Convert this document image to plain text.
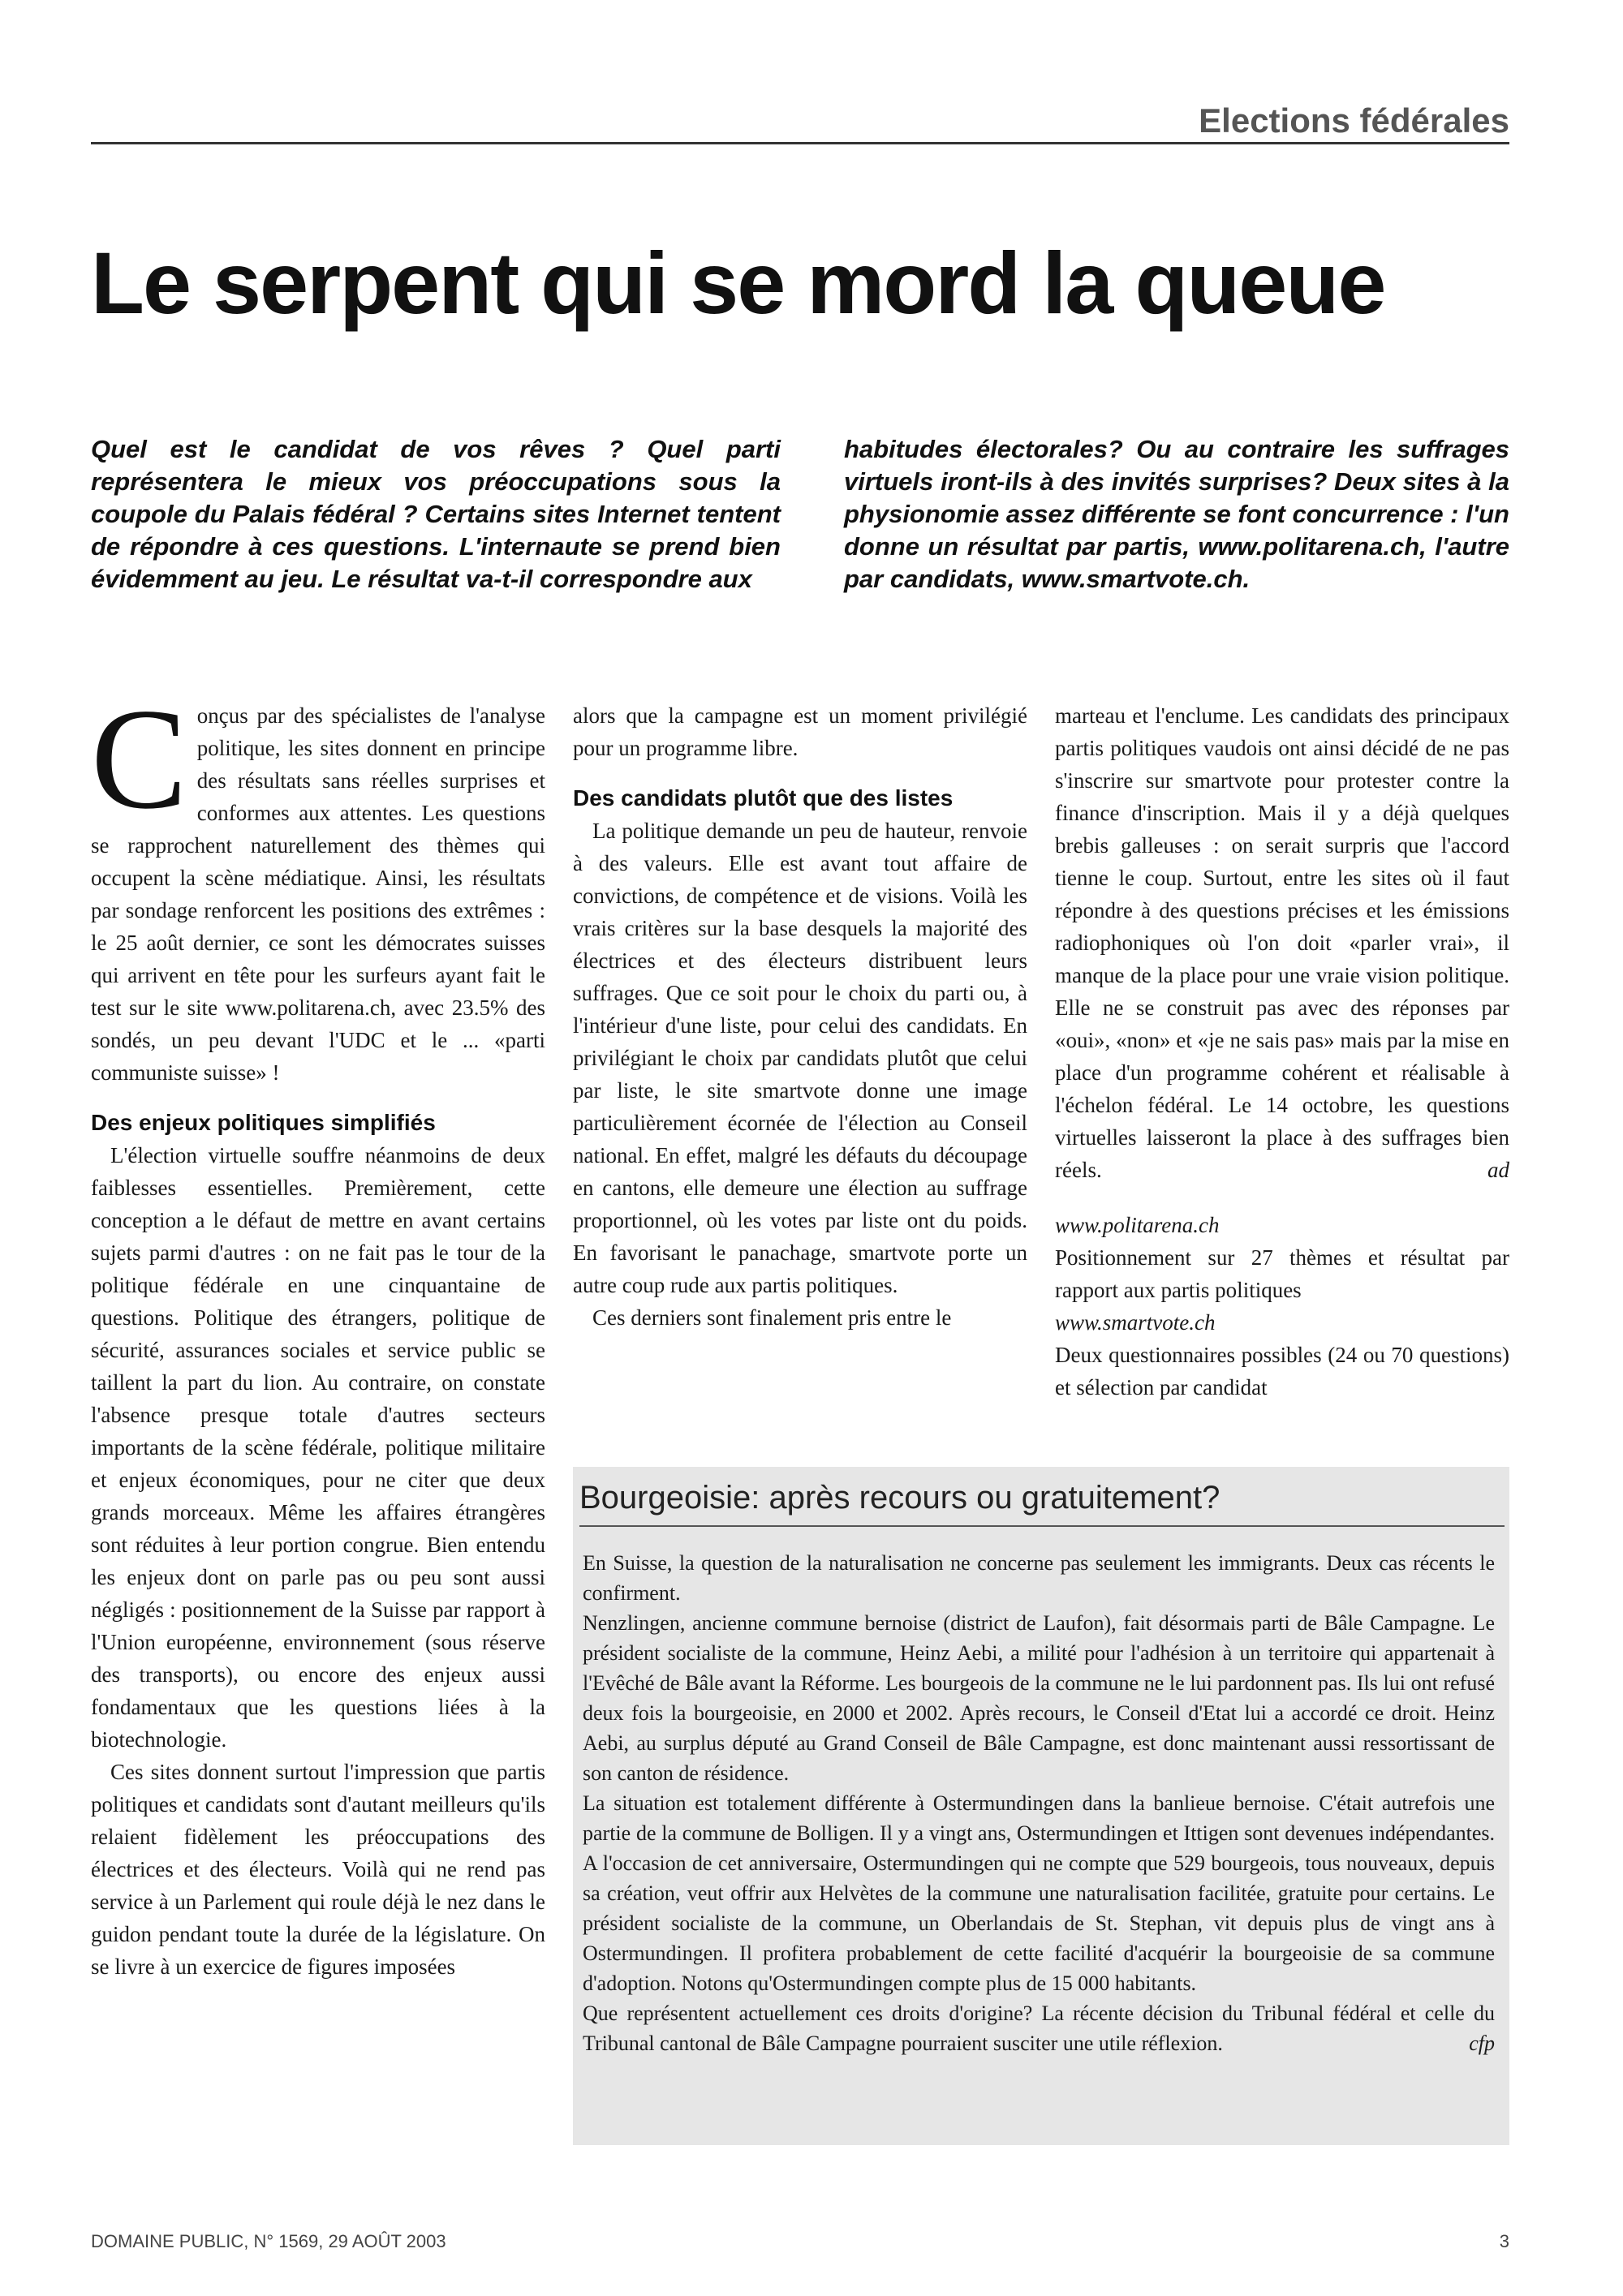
Elections fédérales
Le serpent qui se mord la queue

Quel est le candidat de vos rêves ? Quel parti représentera le mieux vos préoccupations sous la coupole du Palais fédéral ? Certains sites Internet tentent de répondre à ces questions. L'internaute se prend bien évidemment au jeu. Le résultat va-t-il correspondre aux

habitudes électorales? Ou au contraire les suffrages virtuels iront-ils à des invités surprises? Deux sites à la physionomie assez différente se font concurrence : l'un donne un résultat par partis, www.politarena.ch, l'autre par candidats, www.smartvote.ch.

Conçus par des spécialistes de l'analyse politique, les sites donnent en principe des résultats sans réelles surprises et conformes aux attentes. Les questions se rapprochent naturellement des thèmes qui occupent la scène médiatique. Ainsi, les résultats par sondage renforcent les positions des extrêmes : le 25 août dernier, ce sont les démocrates suisses qui arrivent en tête pour les surfeurs ayant fait le test sur le site www.politarena.ch, avec 23.5% des sondés, un peu devant l'UDC et le ... «parti communiste suisse» !

Des enjeux politiques simplifiés

L'élection virtuelle souffre néanmoins de deux faiblesses essentielles. Premièrement, cette conception a le défaut de mettre en avant certains sujets parmi d'autres : on ne fait pas le tour de la politique fédérale en une cinquantaine de questions. Politique des étrangers, politique de sécurité, assurances sociales et service public se taillent la part du lion. Au contraire, on constate l'absence presque totale d'autres secteurs importants de la scène fédérale, politique militaire et enjeux économiques, pour ne citer que deux grands morceaux. Même les affaires étrangères sont réduites à leur portion congrue. Bien entendu les enjeux dont on parle pas ou peu sont aussi négligés : positionnement de la Suisse par rapport à l'Union européenne, environnement (sous réserve des transports), ou encore des enjeux aussi fondamentaux que les questions liées à la biotechnologie.

Ces sites donnent surtout l'impression que partis politiques et candidats sont d'autant meilleurs qu'ils relaient fidèlement les préoccupations des électrices et des électeurs. Voilà qui ne rend pas service à un Parlement qui roule déjà le nez dans le guidon pendant toute la durée de la législature. On se livre à un exercice de figures imposées

alors que la campagne est un moment privilégié pour un programme libre.

Des candidats plutôt que des listes

La politique demande un peu de hauteur, renvoie à des valeurs. Elle est avant tout affaire de convictions, de compétence et de visions. Voilà les vrais critères sur la base desquels la majorité des électrices et des électeurs distribuent leurs suffrages. Que ce soit pour le choix du parti ou, à l'intérieur d'une liste, pour celui des candidats. En privilégiant le choix par candidats plutôt que celui par liste, le site smartvote donne une image particulièrement écornée de l'élection au Conseil national. En effet, malgré les défauts du découpage en cantons, elle demeure une élection au suffrage proportionnel, où les votes par liste ont du poids. En favorisant le panachage, smartvote porte un autre coup rude aux partis politiques.

Ces derniers sont finalement pris entre le

marteau et l'enclume. Les candidats des principaux partis politiques vaudois ont ainsi décidé de ne pas s'inscrire sur smartvote pour protester contre la finance d'inscription. Mais il y a déjà quelques brebis galleuses : on serait surpris que l'accord tienne le coup. Surtout, entre les sites où il faut répondre à des questions précises et les émissions radiophoniques où l'on doit «parler vrai», il manque de la place pour une vraie vision politique. Elle ne se construit pas avec des réponses par «oui», «non» et «je ne sais pas» mais par la mise en place d'un programme cohérent et réalisable à l'échelon fédéral. Le 14 octobre, les questions virtuelles laisseront la place à des suffrages bien réels.	ad

www.politarena.ch
Positionnement sur 27 thèmes et résultat par rapport aux partis politiques
www.smartvote.ch
Deux questionnaires possibles (24 ou 70 questions) et sélection par candidat
Bourgeoisie: après recours ou gratuitement?

En Suisse, la question de la naturalisation ne concerne pas seulement les immigrants. Deux cas récents le confirment.

Nenzlingen, ancienne commune bernoise (district de Laufon), fait désormais parti de Bâle Campagne. Le président socialiste de la commune, Heinz Aebi, a milité pour l'adhésion à un territoire qui appartenait à l'Evêché de Bâle avant la Réforme. Les bourgeois de la commune ne le lui pardonnent pas. Ils lui ont refusé deux fois la bourgeoisie, en 2000 et 2002. Après recours, le Conseil d'Etat lui a accordé ce droit. Heinz Aebi, au surplus député au Grand Conseil de Bâle Campagne, est donc maintenant aussi ressortissant de son canton de résidence.

La situation est totalement différente à Ostermundingen dans la banlieue bernoise. C'était autrefois une partie de la commune de Bolligen. Il y a vingt ans, Ostermundingen et Ittigen sont devenues indépendantes. A l'occasion de cet anniversaire, Ostermundingen qui ne compte que 529 bourgeois, tous nouveaux, depuis sa création, veut offrir aux Helvètes de la commune une naturalisation facilitée, gratuite pour certains. Le président socialiste de la commune, un Oberlandais de St. Stephan, vit depuis plus de vingt ans à Ostermundingen. Il profitera probablement de cette facilité d'acquérir la bourgeoisie de sa commune d'adoption. Notons qu'Ostermundingen compte plus de 15 000 habitants.

Que représentent actuellement ces droits d'origine? La récente décision du Tribunal fédéral et celle du Tribunal cantonal de Bâle Campagne pourraient susciter une utile réflexion.	cfp

DOMAINE PUBLIC, N° 1569, 29 AOÛT 2003	3
